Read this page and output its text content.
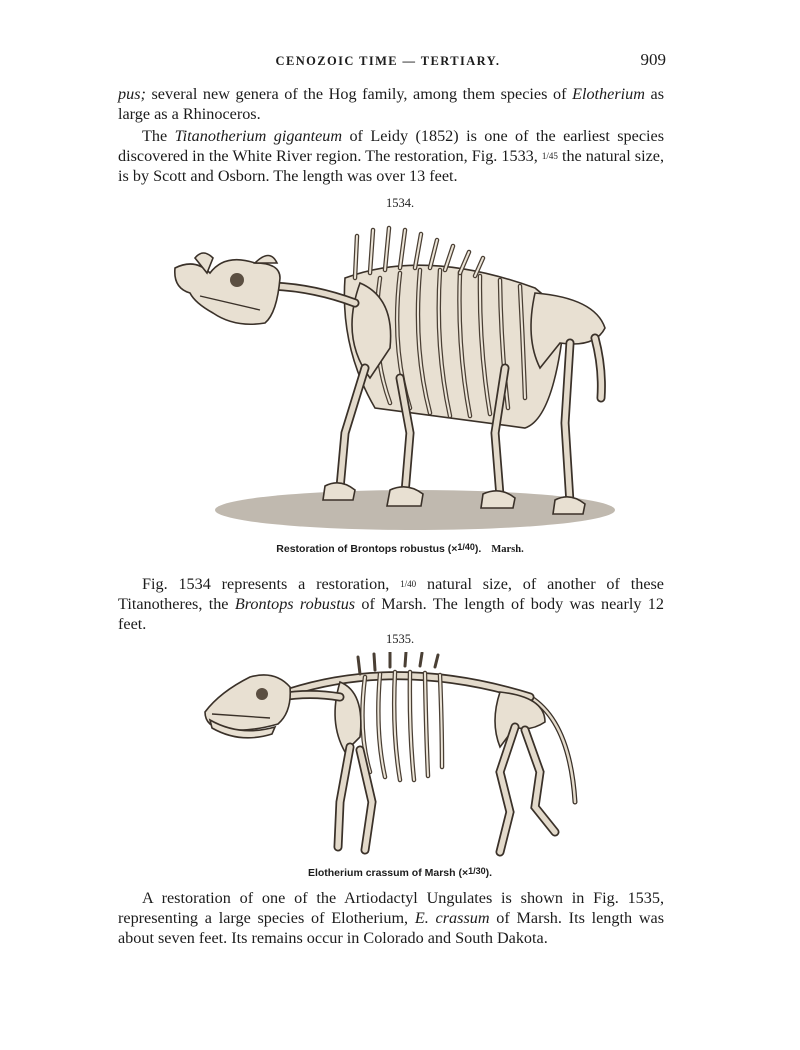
CENOZOIC TIME — TERTIARY.	909

pus; several new genera of the Hog family, among them species of Elotherium as large as a Rhinoceros.

The Titanotherium giganteum of Leidy (1852) is one of the earliest species discovered in the White River region. The restoration, Fig. 1533, 1/45 the natural size, is by Scott and Osborn. The length was over 13 feet.

1534.
Restoration of Brontops robustus (×1/40). Marsh.

Fig. 1534 represents a restoration, 1/40 natural size, of another of these Titanotheres, the Brontops robustus of Marsh. The length of body was nearly 12 feet.

1535.
Elotherium crassum of Marsh (×1/30).

A restoration of one of the Artiodactyl Ungulates is shown in Fig. 1535, representing a large species of Elotherium, E. crassum of Marsh. Its length was about seven feet. Its remains occur in Colorado and South Dakota.
